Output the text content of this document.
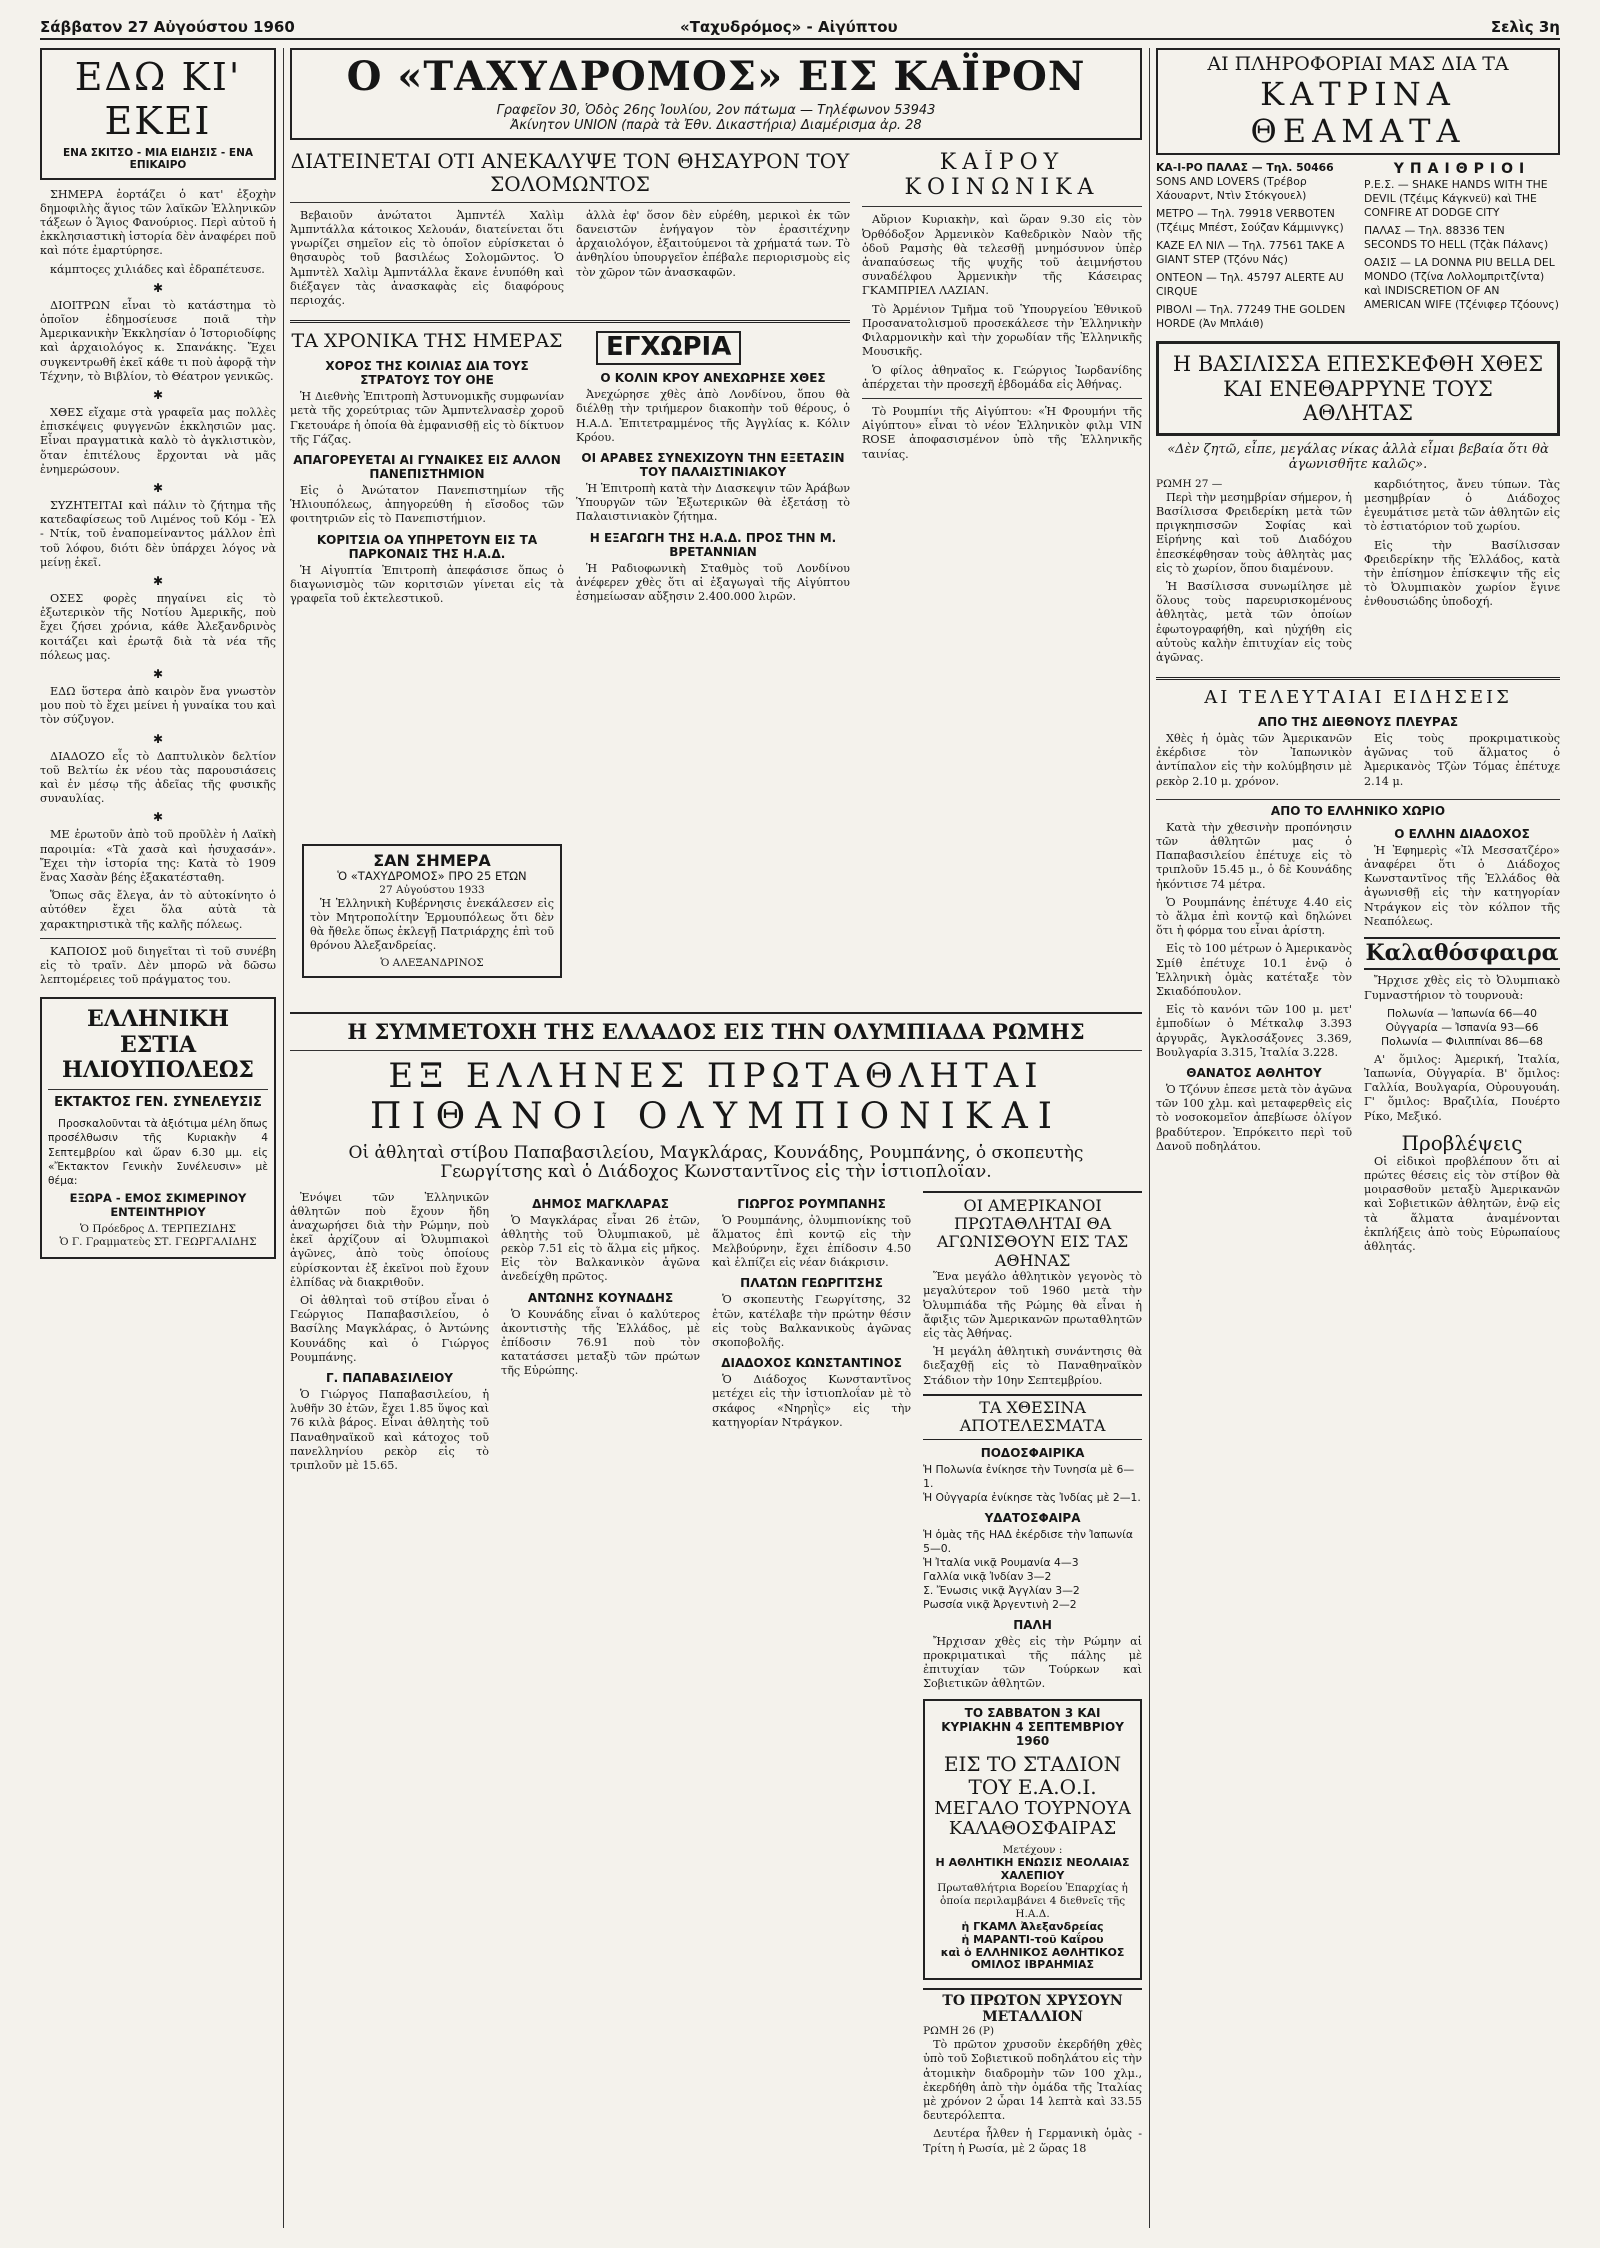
Σάββατον 27 Αὐγούστου 1960	«Ταχυδρόμος» - Αἰγύπτου	Σελὶς 3η
ΕΔΩ ΚΙ' ΕΚΕΙ
ΕΝΑ ΣΚΙΤΣΟ - ΜΙΑ ΕΙΔΗΣΙΣ - ΕΝΑ ΕΠΙΚΑΙΡΟ

ΣΗΜΕΡΑ ἑορτάζει ὁ κατ' ἐξοχὴν δημοφιλὴς ἅγιος τῶν λαϊκῶν Ἑλληνικῶν τάξεων ὁ Ἅγιος Φανούριος. Περὶ αὐτοῦ ἡ ἐκκλησιαστικὴ ἱστορία δὲν ἀναφέρει ποῦ καὶ πότε ἐμαρτύρησε.

κάμπτοςες χιλιάδες καὶ ἐδραπέτευσε.

✱

ΔΙΟΙΤΡΩΝ εἶναι τὸ κατάστημα τὸ ὁποῖον ἐδημοσίευσε ποιᾶ τὴν Ἀμερικανικὴν Ἐκκλησίαν ὁ Ἱστοριοδίφης καὶ ἀρχαιολόγος κ. Σπανάκης. Ἔχει συγκεντρωθῆ ἐκεῖ κάθε τι ποὺ ἀφορᾷ τὴν Τέχνην, τὸ Βιβλίον, τὸ Θέατρον γενικῶς.

✱

ΧΘΕΣ εἴχαμε στὰ γραφεῖα μας πολλὲς ἐπισκέψεις φυγγενῶν ἐκκλησιῶν μας. Εἶναι πραγματικὰ καλὸ τὸ ἀγκλιστικὸν, ὅταν ἐπιτέλους ἔρχονται νὰ μᾶς ἐνημερώσουν.

✱

ΣΥΖΗΤΕΙΤΑΙ καὶ πάλιν τὸ ζήτημα τῆς κατεδαφίσεως τοῦ Λιμένος τοῦ Κόμ - Ἐλ - Ντίκ, τοῦ ἐναπομείναντος μάλλον ἐπὶ τοῦ λόφου, διότι δὲν ὑπάρχει λόγος νὰ μείνῃ ἐκεῖ.

✱

ΟΣΕΣ φορὲς πηγαίνει εἰς τὸ ἐξωτερικὸν τῆς Νοτίου Ἀμερικῆς, ποὺ ἔχει ζήσει χρόνια, κάθε Ἀλεξανδρινὸς κοιτάζει καὶ ἐρωτᾷ διὰ τὰ νέα τῆς πόλεως μας.

✱

ΕΔΩ ὕστερα ἀπὸ καιρὸν ἔνα γνωστὸν μου ποὺ τὸ ἔχει μείνει ἡ γυναίκα του καὶ τὸν σύζυγον.

✱

ΔΙΑΔΟΖΟ εἶς τὸ Δαπτυλικὸν δελτίον τοῦ Βελτίω ἐκ νέου τὰς παρουσιάσεις καὶ ἐν μέσῳ τῆς ἀδεῖας τῆς φυσικῆς συναυλίας.

✱

ΜΕ ἐρωτοῦν ἀπὸ τοῦ προῦλὲν ἡ Λαϊκὴ παροιμία: «Τὰ χασὰ καὶ ἠσυχασάν». Ἔχει τὴν ἱστορία της: Κατὰ τὸ 1909 ἕνας Χασὰν βέης ἐξακατέσταθη.

Ὅπως σᾶς ἔλεγα, ἀν τὸ αὐτοκίνητο ὁ αὐτόθεν ἔχει ὅλα αὐτὰ τὰ χαρακτηριστικὰ τῆς καλῆς πόλεως.

ΚΑΠΟΙΟΣ μοῦ διηγεῖται τὶ τοῦ συνέβη εἰς τὸ τραῖν. Δὲν μπορῶ νὰ δῶσω λεπτομέρειες τοῦ πράγματος του.

ΕΛΛΗΝΙΚΗ ΕΣΤΙΑ ΗΛΙΟΥΠΟΛΕΩΣ
ΕΚΤΑΚΤΟΣ ΓΕΝ. ΣΥΝΕΛΕΥΣΙΣ

Προσκαλοῦνται τὰ ἀξιότιμα μέλη ὅπως προσέλθωσιν τῆς Κυριακὴν 4 Σεπτεμβρίου καὶ ὥραν 6.30 μμ. εἰς «Ἔκτακτον Γενικὴν Συνέλευσιν» μὲ θέμα:

ΕΞΩΡΑ - ΕΜΟΣ ΣΚΙΜΕΡΙΝΟΥ ΕΝΤΕΙΝΤΗΡΙΟΥ
Ὁ Πρόεδρος Δ. ΤΕΡΠΕΖΙΔΗΣ
Ὁ Γ. Γραμματεὺς ΣΤ. ΓΕΩΡΓΑΛΙΔΗΣ
Ο «ΤΑΧΥΔΡΟΜΟΣ» ΕΙΣ ΚΑΪΡΟΝ
Γραφεῖον 30, Ὁδὸς 26ης Ἰουλίου, 2ον πάτωμα — Τηλέφωνον 53943
Ἀκίνητον UNION (παρὰ τὰ Ἐθν. Δικαστήρια) Διαμέρισμα ἀρ. 28
ΔΙΑΤΕΙΝΕΤΑΙ ΟΤΙ ΑΝΕΚΑΛΥΨΕ ΤΟΝ ΘΗΣΑΥΡΟΝ ΤΟΥ ΣΟΛΟΜΩΝΤΟΣ

Βεβαιοῦν ἀνώτατοι Ἀμπντέλ Χαλὶμ Ἀμπντάλλα κάτοικος Χελουάν, διατείνεται ὅτι γνωρίζει σημεῖον εἰς τὸ ὁποῖον εὑρίσκεται ὁ θησαυρὸς τοῦ βασιλέως Σολομῶντος. Ὁ Ἀμπντὲλ Χαλὶμ Ἀμπντάλλα ἔκανε ἐνυπόθη καὶ διέξαγεν τὰς ἀνασκαφὰς εἰς διαφόρους περιοχάς.

ἀλλὰ ἐφ' ὅσον δὲν εὑρέθη, μερικοὶ ἐκ τῶν δανειστῶν ἐνήγαγον τὸν ἐρασιτέχνην ἀρχαιολόγον, ἐξαιτούμενοι τὰ χρήματά των. Τὸ ἀνθηλίου ὑπουργεῖον ἐπέβαλε περιορισμοὺς εἰς τὸν χῶρον τῶν ἀνασκαφῶν.

ΤΑ ΧΡΟΝΙΚΑ ΤΗΣ ΗΜΕΡΑΣ
ΧΟΡΟΣ ΤΗΣ ΚΟΙΛΙΑΣ ΔΙΑ ΤΟΥΣ ΣΤΡΑΤΟΥΣ ΤΟΥ ΟΗΕ

Ἡ Διεθνὴς Ἐπιτροπὴ Ἀστυνομικῆς συμφωνίαν μετὰ τῆς χορεύτριας τῶν Ἀμπντελνασὲρ χοροῦ Γκετουάρε ἡ ὁποία θὰ ἐμφανισθῇ εἰς τὸ δίκτυον τῆς Γάζας.

ΑΠΑΓΟΡΕΥΕΤΑΙ ΑΙ ΓΥΝΑΙΚΕΣ ΕΙΣ ΑΛΛΟΝ ΠΑΝΕΠΙΣΤΗΜΙΟΝ

Εἰς ὁ Ἀνώτατον Πανεπιστημίων τῆς Ἡλιουπόλεως, ἀπηγορεύθη ἡ εἴσοδος τῶν φοιτητριῶν εἰς τὸ Πανεπιστήμιον.

ΚΟΡΙΤΣΙΑ ΟΑ ΥΠΗΡΕΤΟΥΝ ΕΙΣ ΤΑ ΠΑΡΚΟΝΑΙΣ ΤΗΣ Η.Α.Δ.

Ἡ Αἰγυπτία Ἐπιτροπὴ ἀπεφάσισε ὅπως ὁ διαγωνισμὸς τῶν κοριτσιῶν γίνεται εἰς τὰ γραφεῖα τοῦ ἐκτελεστικοῦ.

ΕΓΧΩΡΙΑ
Ο ΚΟΛΙΝ ΚΡΟΥ ΑΝΕΧΩΡΗΣΕ ΧΘΕΣ

Ἀνεχώρησε χθὲς ἀπὸ Λονδίνου, ὅπου θὰ διέλθῃ τὴν τριήμερον διακοπὴν τοῦ θέρους, ὁ Η.Α.Δ. Ἐπιτετραμμένος τῆς Ἀγγλίας κ. Κόλιν Κρόου.

ΟΙ ΑΡΑΒΕΣ ΣΥΝΕΧΙΖΟΥΝ ΤΗΝ ΕΞΕΤΑΣΙΝ ΤΟΥ ΠΑΛΑΙΣΤΙΝΙΑΚΟΥ

Ἡ Ἐπιτροπὴ κατὰ τὴν Διασκεψιν τῶν Ἀράβων Ὑπουργῶν τῶν Ἐξωτερικῶν θὰ ἐξετάσῃ τὸ Παλαιστινιακὸν ζήτημα.

Η ΕΞΑΓΩΓΗ ΤΗΣ Η.Α.Δ. ΠΡΟΣ ΤΗΝ Μ. ΒΡΕΤΑΝΝΙΑΝ

Ἡ Ραδιοφωνικὴ Σταθμὸς τοῦ Λονδίνου ἀνέφερεν χθὲς ὅτι αἱ ἐξαγωγαὶ τῆς Αἰγύπτου ἐσημείωσαν αὔξησιν 2.400.000 λιρῶν.

ΚΑΪΡΟΥ ΚΟΙΝΩΝΙΚΑ

Αὔριον Κυριακὴν, καὶ ὥραν 9.30 εἰς τὸν Ὀρθόδοξον Ἀρμενικὸν Καθεδρικὸν Ναὸν τῆς ὁδοῦ Ραμσὴς θὰ τελεσθῇ μνημόσυνον ὑπὲρ ἀναπαύσεως τῆς ψυχῆς τοῦ ἀειμνήστου συναδέλφου Ἀρμενικὴν τῆς Κάσειρας ΓΚΑΜΠΡΙΕΛ ΛΑΖΙΑΝ.

Τὸ Ἀρμένιον Τμῆμα τοῦ Ὑπουργείου Ἐθνικοῦ Προσανατολισμοῦ προσεκάλεσε τὴν Ἑλληνικὴν Φιλαρμονικὴν καὶ τὴν χορωδίαν τῆς Ἑλληνικῆς Μουσικῆς.

Ὁ φίλος ἀθηναῖος κ. Γεώργιος Ἰωρδανίδης ἀπέρχεται τὴν προσεχῆ ἑβδομάδα εἰς Ἀθήνας.

Τὸ Ρουμπίνι τῆς Αἰγύπτου: «Ἡ Φρουμήνι τῆς Αἰγύπτου» εἶναι τὸ νέον Ἑλληνικὸν φιλμ VIN ROSE ἀποφασισμένον ὑπὸ τῆς Ἑλληνικῆς ταινίας.

Η ΣΥΜΜΕΤΟΧΗ ΤΗΣ ΕΛΛΑΔΟΣ ΕΙΣ ΤΗΝ ΟΛΥΜΠΙΑΔΑ ΡΩΜΗΣ
ΕΞ ΕΛΛΗΝΕΣ ΠΡΩΤΑΘΛΗΤΑΙ
ΠΙΘΑΝΟΙ ΟΛΥΜΠΙΟΝΙΚΑΙ
Οἱ ἀθληταὶ στίβου Παπαβασιλείου, Μαγκλάρας, Κουνάδης, Ρουμπάνης, ὁ σκοπευτὴς Γεωργίτσης καὶ ὁ Διάδοχος Κωνσταντῖνος εἰς τὴν ἱστιοπλοΐαν.

Ἐνόψει τῶν Ἑλληνικῶν ἀθλητῶν ποὺ ἔχουν ἤδη ἀναχωρήσει διὰ τὴν Ρώμην, ποὺ ἐκεῖ ἀρχίζουν αἱ Ὀλυμπιακοὶ ἀγῶνες, ἀπὸ τοὺς ὁποίους εὑρίσκονται ἐξ ἐκεῖνοι ποὺ ἔχουν ἐλπίδας νὰ διακριθοῦν.

Οἱ ἀθληταὶ τοῦ στίβου εἶναι ὁ Γεώργιος Παπαβασιλείου, ὁ Βασίλης Μαγκλάρας, ὁ Ἀντώνης Κουνάδης καὶ ὁ Γιώργος Ρουμπάνης.

Γ. ΠΑΠΑΒΑΣΙΛΕΙΟΥ

Ὁ Γιώργος Παπαβασιλείου, ἡ λυθῆν 30 ἐτῶν, ἔχει 1.85 ὕψος καὶ 76 κιλὰ βάρος. Εἶναι ἀθλητὴς τοῦ Παναθηναϊκοῦ καὶ κάτοχος τοῦ πανελληνίου ρεκὸρ εἰς τὸ τριπλοῦν μὲ 15.65.

ΔΗΜΟΣ ΜΑΓΚΛΑΡΑΣ

Ὁ Μαγκλάρας εἶναι 26 ἐτῶν, ἀθλητὴς τοῦ Ὀλυμπιακοῦ, μὲ ρεκὸρ 7.51 εἰς τὸ ἅλμα εἰς μῆκος. Εἰς τὸν Βαλκανικὸν ἀγῶνα ἀνεδείχθη πρῶτος.

ΑΝΤΩΝΗΣ ΚΟΥΝΑΔΗΣ

Ὁ Κουνάδης εἶναι ὁ καλύτερος ἀκοντιστὴς τῆς Ἑλλάδος, μὲ ἐπίδοσιν 76.91 ποὺ τὸν κατατάσσει μεταξὺ τῶν πρώτων τῆς Εὐρώπης.

ΓΙΩΡΓΟΣ ΡΟΥΜΠΑΝΗΣ

Ὁ Ρουμπάνης, ὀλυμπιονίκης τοῦ ἅλματος ἐπὶ κοντῷ εἰς τὴν Μελβούρνην, ἔχει ἐπίδοσιν 4.50 καὶ ἐλπίζει εἰς νέαν διάκρισιν.

ΠΛΑΤΩΝ ΓΕΩΡΓΙΤΣΗΣ

Ὁ σκοπευτὴς Γεωργίτσης, 32 ἐτῶν, κατέλαβε τὴν πρώτην θέσιν εἰς τοὺς Βαλκανικοὺς ἀγῶνας σκοποβολῆς.

ΔΙΑΔΟΧΟΣ ΚΩΝΣΤΑΝΤΙΝΟΣ

Ὁ Διάδοχος Κωνσταντῖνος μετέχει εἰς τὴν ἱστιοπλοΐαν μὲ τὸ σκάφος «Νηρηῒς» εἰς τὴν κατηγορίαν Ντράγκον.

ΟΙ ΑΜΕΡΙΚΑΝΟΙ ΠΡΩΤΑΘΛΗΤΑΙ ΘΑ ΑΓΩΝΙΣΘΟΥΝ ΕΙΣ ΤΑΣ ΑΘΗΝΑΣ

Ἕνα μεγάλο ἀθλητικὸν γεγονὸς τὸ μεγαλύτερον τοῦ 1960 μετὰ τὴν Ὀλυμπιάδα τῆς Ρώμης θὰ εἶναι ἡ ἄφιξις τῶν Ἀμερικανῶν πρωταθλητῶν εἰς τὰς Ἀθήνας.

Ἡ μεγάλη ἀθλητικὴ συνάντησις θὰ διεξαχθῇ εἰς τὸ Παναθηναϊκὸν Στάδιον τὴν 10ην Σεπτεμβρίου.

ΤΑ ΧΘΕΣΙΝΑ ΑΠΟΤΕΛΕΣΜΑΤΑ
ΠΟΔΟΣΦΑΙΡΙΚΑ
Ἡ Πολωνία ἐνίκησε τὴν Τυνησία μὲ 6—1.
Ἡ Οὐγγαρία ἐνίκησε τὰς Ἰνδίας μὲ 2—1.
ΥΔΑΤΟΣΦΑΙΡΑ
Ἡ ὁμὰς τῆς ΗΑΔ ἐκέρδισε τὴν Ἰαπωνία 5—0.
Ἡ Ἰταλία νικᾷ Ρουμανία 4—3
Γαλλία νικᾷ Ἰνδίαν 3—2
Σ. Ἔνωσις νικᾷ Ἀγγλίαν 3—2
Ρωσσία νικᾷ Ἀργεντινὴ 2—2
ΠΑΛΗ

Ἤρχισαν χθὲς εἰς τὴν Ρώμην αἱ προκριματικαὶ τῆς πάλης μὲ ἐπιτυχίαν τῶν Τούρκων καὶ Σοβιετικῶν ἀθλητῶν.

ΤΟ ΣΑΒΒΑΤΟΝ 3 ΚΑΙ ΚΥΡΙΑΚΗΝ 4 ΣΕΠΤΕΜΒΡΙΟΥ 1960
ΕΙΣ ΤΟ ΣΤΑΔΙΟΝ
ΤΟΥ Ε.Α.Ο.Ι.
ΜΕΓΑΛΟ ΤΟΥΡΝΟΥΑ
ΚΑΛΑΘΟΣΦΑΙΡΑΣ
Μετέχουν :
Η ΑΘΛΗΤΙΚΗ ΕΝΩΣΙΣ ΝΕΟΛΑΙΑΣ ΧΑΛΕΠΙΟΥ
Πρωταθλήτρια Βορείου Ἐπαρχίας ἡ ὁποία περιλαμβάνει 4 διεθνεῖς τῆς Η.Α.Δ.
ἡ ΓΚΑΜΛ Ἀλεξανδρείας
ἡ ΜΑΡΑΝΤΙ-τοῦ Καΐρου
καὶ ὁ ΕΛΛΗΝΙΚΟΣ ΑΘΛΗΤΙΚΟΣ ΟΜΙΛΟΣ ΙΒΡΑΗΜΙΑΣ
ΤΟ ΠΡΩΤΟΝ ΧΡΥΣΟΥΝ ΜΕΤΑΛΛΙΟΝ
ΡΩΜΗ 26 (Ρ)

Τὸ πρῶτον χρυσοῦν ἐκερδήθη χθὲς ὑπὸ τοῦ Σοβιετικοῦ ποδηλάτου εἰς τὴν ἀτομικὴν διαδρομὴν τῶν 100 χλμ., ἐκερδήθη ἀπὸ τὴν ὁμάδα τῆς Ἰταλίας μὲ χρόνον 2 ὧραι 14 λεπτὰ καὶ 33.55 δευτερόλεπτα.

Δευτέρα ἦλθεν ἡ Γερμανικὴ ὁμὰς - Τρίτη ἡ Ρωσία, μὲ 2 ὥρας 18

ΑΙ ΠΛΗΡΟΦΟΡΙΑΙ ΜΑΣ ΔΙΑ ΤΑ
ΚΑΤΡΙΝΑ ΘΕΑΜΑΤΑ
ΚΑ-Ι-ΡΟ ΠΑΛΑΣ — Τηλ. 50466
SONS AND LOVERS (Τρέβορ Χάουαρντ, Ντὶν Στόκγουελ)
ΜΕΤΡΟ — Τηλ. 79918 VERBOTEN (Τζέιμς Μπέστ, Σούζαν Κάμμινγκς)
ΚΑΖΕ ΕΛ ΝΙΛ — Τηλ. 77561 TAKE A GIANT STEP (Τζόνυ Νάς)
ΟΝΤΕΟΝ — Τηλ. 45797 ALERTE AU CIRQUE
ΡΙΒΟΛΙ — Τηλ. 77249 THE GOLDEN HORDE (Ἀν Μπλάιθ)
ΥΠΑΙΘΡΙΟΙ
Ρ.Ε.Σ. — SHAKE HANDS WITH THE DEVIL (Τζέιμς Κάγκνεϋ) καὶ THE CONFIRE AT DODGE CITY
ΠΑΛΑΣ — Τηλ. 88336 TEN SECONDS TO HELL (Τζὰκ Πάλανς)
ΟΑΣΙΣ — LA DONNA PIU BELLA DEL MONDO (Τζίνα Λολλομπριτζίντα) καὶ INDISCRETION OF AN AMERICAN WIFE (Τζένιφερ Τζόουνς)
Η ΒΑΣΙΛΙΣΣΑ ΕΠΕΣΚΕΦΘΗ ΧΘΕΣ ΚΑΙ ΕΝΕΘΑΡΡΥΝΕ ΤΟΥΣ ΑΘΛΗΤΑΣ
«Δὲν ζητῶ, εἶπε, μεγάλας νίκας ἀλλὰ εἶμαι βεβαία ὅτι θὰ ἀγωνισθῆτε καλῶς».
ΡΩΜΗ 27 —

Περὶ τὴν μεσημβρίαν σήμερον, ἡ Βασίλισσα Φρειδερίκη μετὰ τῶν πριγκηπισσῶν Σοφίας καὶ Εἰρήνης καὶ τοῦ Διαδόχου ἐπεσκέφθησαν τοὺς ἀθλητὰς μας εἰς τὸ χωρίον, ὅπου διαμένουν.

Ἡ Βασίλισσα συνωμίλησε μὲ ὅλους τοὺς παρευρισκομένους ἀθλητὰς, μετὰ τῶν ὁποίων ἐφωτογραφήθη, καὶ ηὐχήθη εἰς αὐτοὺς καλὴν ἐπιτυχίαν εἰς τοὺς ἀγῶνας.

καρδιότητος, ἄνευ τύπων. Τὰς μεσημβρίαν ὁ Διάδοχος ἐγευμάτισε μετὰ τῶν ἀθλητῶν εἰς τὸ ἑστιατόριον τοῦ χωρίου.

Εἰς τὴν Βασίλισσαν Φρειδερίκην τῆς Ἑλλάδος, κατὰ τὴν ἐπίσημον ἐπίσκεψιν τῆς εἰς τὸ Ὀλυμπιακὸν χωρίον ἔγινε ἐνθουσιώδης ὑποδοχή.

ΑΙ ΤΕΛΕΥΤΑΙΑΙ ΕΙΔΗΣΕΙΣ
ΑΠΟ ΤΗΣ ΔΙΕΘΝΟΥΣ ΠΛΕΥΡΑΣ

Χθὲς ἡ ὁμὰς τῶν Ἀμερικανῶν ἐκέρδισε τὸν Ἰαπωνικὸν ἀντίπαλον εἰς τὴν κολύμβησιν μὲ ρεκὸρ 2.10 μ. χρόνον.

Εἰς τοὺς προκριματικοὺς ἀγῶνας τοῦ ἅλματος ὁ Ἀμερικανὸς Τζὼν Τόμας ἐπέτυχε 2.14 μ.

ΑΠΟ ΤΟ ΕΛΛΗΝΙΚΟ ΧΩΡΙΟ

Κατὰ τὴν χθεσινὴν προπόνησιν τῶν ἀθλητῶν μας ὁ Παπαβασιλείου ἐπέτυχε εἰς τὸ τριπλοῦν 15.45 μ., ὁ δὲ Κουνάδης ἠκόντισε 74 μέτρα.

Ὁ Ρουμπάνης ἐπέτυχε 4.40 εἰς τὸ ἅλμα ἐπὶ κοντῷ καὶ δηλώνει ὅτι ἡ φόρμα του εἶναι ἀρίστη.

Εἰς τὸ 100 μέτρων ὁ Ἀμερικανὸς Σμίθ ἐπέτυχε 10.1 ἐνῷ ὁ Ἑλληνικὴ ὁμὰς κατέταξε τὸν Σκιαδόπουλον.

Εἰς τὸ κανόνι τῶν 100 μ. μετ' ἐμποδίων ὁ Μέτκαλφ 3.393 ἀργυρᾶς, Ἀγκλοσάξονες 3.369, Βουλγαρία 3.315, Ἰταλία 3.228.

ΘΑΝΑΤΟΣ ΑΘΛΗΤΟΥ

Ὁ Τζόνυν ἐπεσε μετὰ τὸν ἀγῶνα τῶν 100 χλμ. καὶ μεταφερθεὶς εἰς τὸ νοσοκομεῖον ἀπεβίωσε ὀλίγον βραδύτερον. Ἐπρόκειτο περὶ τοῦ Δανοῦ ποδηλάτου.

Ο ΕΛΛΗΝ ΔΙΑΔΟΧΟΣ

Ἡ Ἐφημερὶς «Ἰλ Μεσσατζέρο» ἀναφέρει ὅτι ὁ Διάδοχος Κωνσταντῖνος τῆς Ἑλλάδος θὰ ἀγωνισθῇ εἰς τὴν κατηγορίαν Ντράγκον εἰς τὸν κόλπον τῆς Νεαπόλεως.

Καλαθόσφαιρα

Ἤρχισε χθὲς εἰς τὸ Ὀλυμπιακὸ Γυμναστήριον τὸ τουρνουὰ:

Πολωνία — Ἰαπωνία 66—40
Οὐγγαρία — Ἰσπανία 93—66
Πολωνία — Φιλιππίναι 86—68

Α' ὅμιλος: Ἀμερική, Ἰταλία, Ἰαπωνία, Οὐγγαρία. Β' ὅμιλος: Γαλλία, Βουλγαρία, Οὐρουγουάη. Γ' ὅμιλος: Βραζιλία, Πουέρτο Ρίκο, Μεξικό.

Προβλέψεις

Οἱ εἰδικοὶ προβλέπουν ὅτι αἱ πρώτες θέσεις εἰς τὸν στίβον θὰ μοιρασθοῦν μεταξὺ Ἀμερικανῶν καὶ Σοβιετικῶν ἀθλητῶν, ἐνῷ εἰς τὰ ἅλματα ἀναμένονται ἐκπλήξεις ἀπὸ τοὺς Εὐρωπαίους ἀθλητάς.

ΣΑΝ ΣΗΜΕΡΑ
Ὁ «ΤΑΧΥΔΡΟΜΟΣ» ΠΡΟ 25 ΕΤΩΝ
27 Αὐγούστου 1933

Ἡ Ἑλληνικὴ Κυβέρνησις ἐνεκάλεσεν εἰς τὸν Μητροπολίτην Ἑρμουπόλεως ὅτι δὲν θὰ ἤθελε ὅπως ἐκλεγῇ Πατριάρχης ἐπὶ τοῦ θρόνου Ἀλεξανδρείας.

Ὁ ΑΛΕΞΑΝΔΡΙΝΟΣ
